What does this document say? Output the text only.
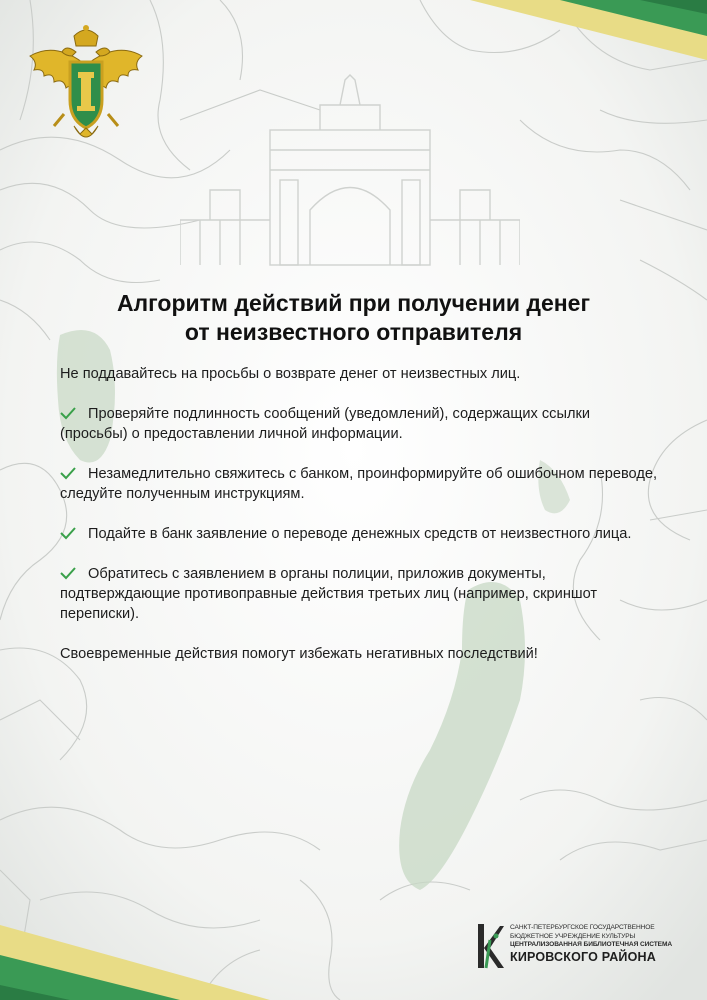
Алгоритм действий при получении денег
от неизвестного отправителя

Не поддавайтесь на просьбы о возврате денег от неизвестных лиц.

Проверяйте подлинность сообщений (уведомлений), содержащих ссылки (просьбы) о предоставлении личной информации.
Незамедлительно свяжитесь с банком, проинформируйте об ошибочном переводе, следуйте полученным инструкциям.
Подайте в банк заявление о переводе денежных средств от неизвестного лица.
Обратитесь с заявлением в органы полиции, приложив документы, подтверждающие противоправные действия третьих лиц (например, скриншот переписки).

Своевременные действия помогут избежать негативных последствий!

САНКТ-ПЕТЕРБУРГСКОЕ ГОСУДАРСТВЕННОЕ
БЮДЖЕТНОЕ УЧРЕЖДЕНИЕ КУЛЬТУРЫ
ЦЕНТРАЛИЗОВАННАЯ БИБЛИОТЕЧНАЯ СИСТЕМА
КИРОВСКОГО РАЙОНА
